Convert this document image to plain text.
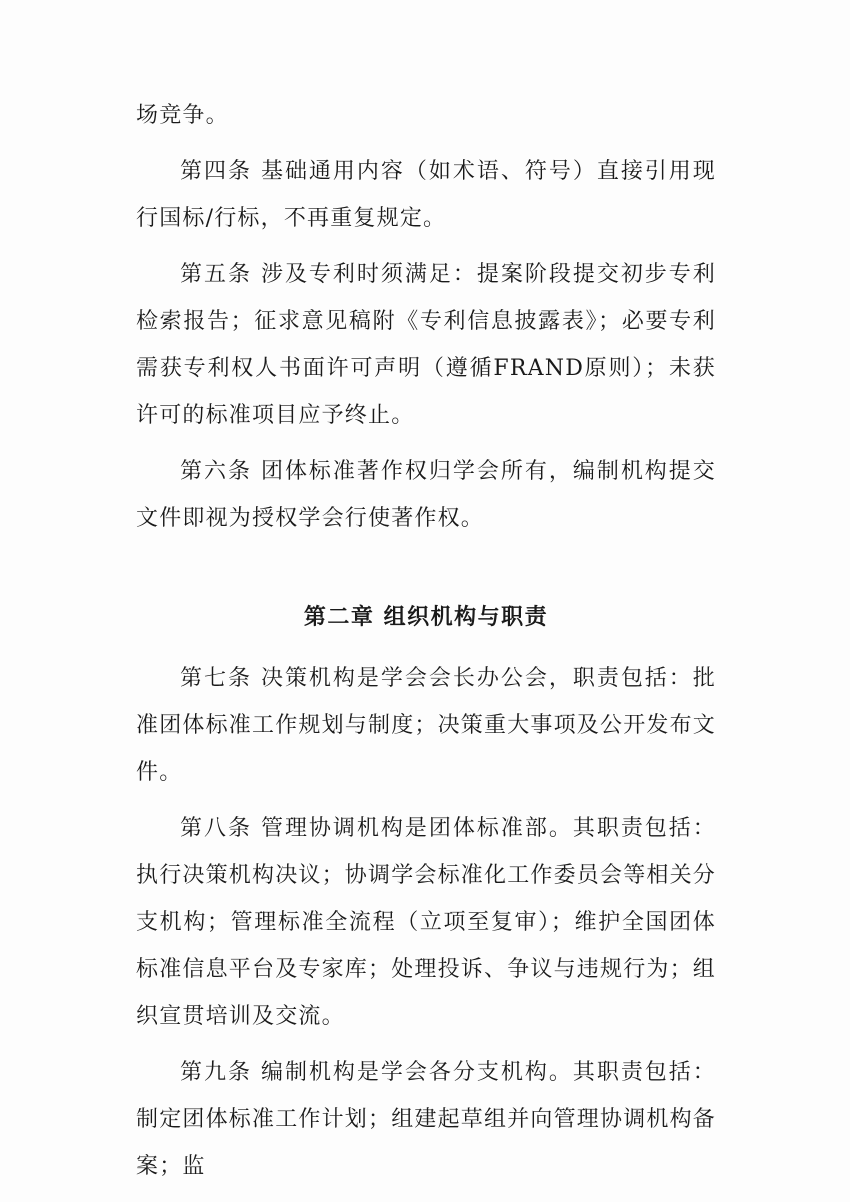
场竞争。

第四条 基础通用内容（如术语、符号）直接引用现行国标/行标，不再重复规定。

第五条 涉及专利时须满足：提案阶段提交初步专利检索报告；征求意见稿附《专利信息披露表》；必要专利需获专利权人书面许可声明（遵循FRAND原则）；未获许可的标准项目应予终止。

第六条 团体标准著作权归学会所有，编制机构提交文件即视为授权学会行使著作权。

第二章 组织机构与职责

第七条 决策机构是学会会长办公会，职责包括：批准团体标准工作规划与制度；决策重大事项及公开发布文件。

第八条 管理协调机构是团体标准部。其职责包括：执行决策机构决议；协调学会标准化工作委员会等相关分支机构；管理标准全流程（立项至复审）；维护全国团体标准信息平台及专家库；处理投诉、争议与违规行为；组织宣贯培训及交流。

第九条 编制机构是学会各分支机构。其职责包括：制定团体标准工作计划；组建起草组并向管理协调机构备案；监
